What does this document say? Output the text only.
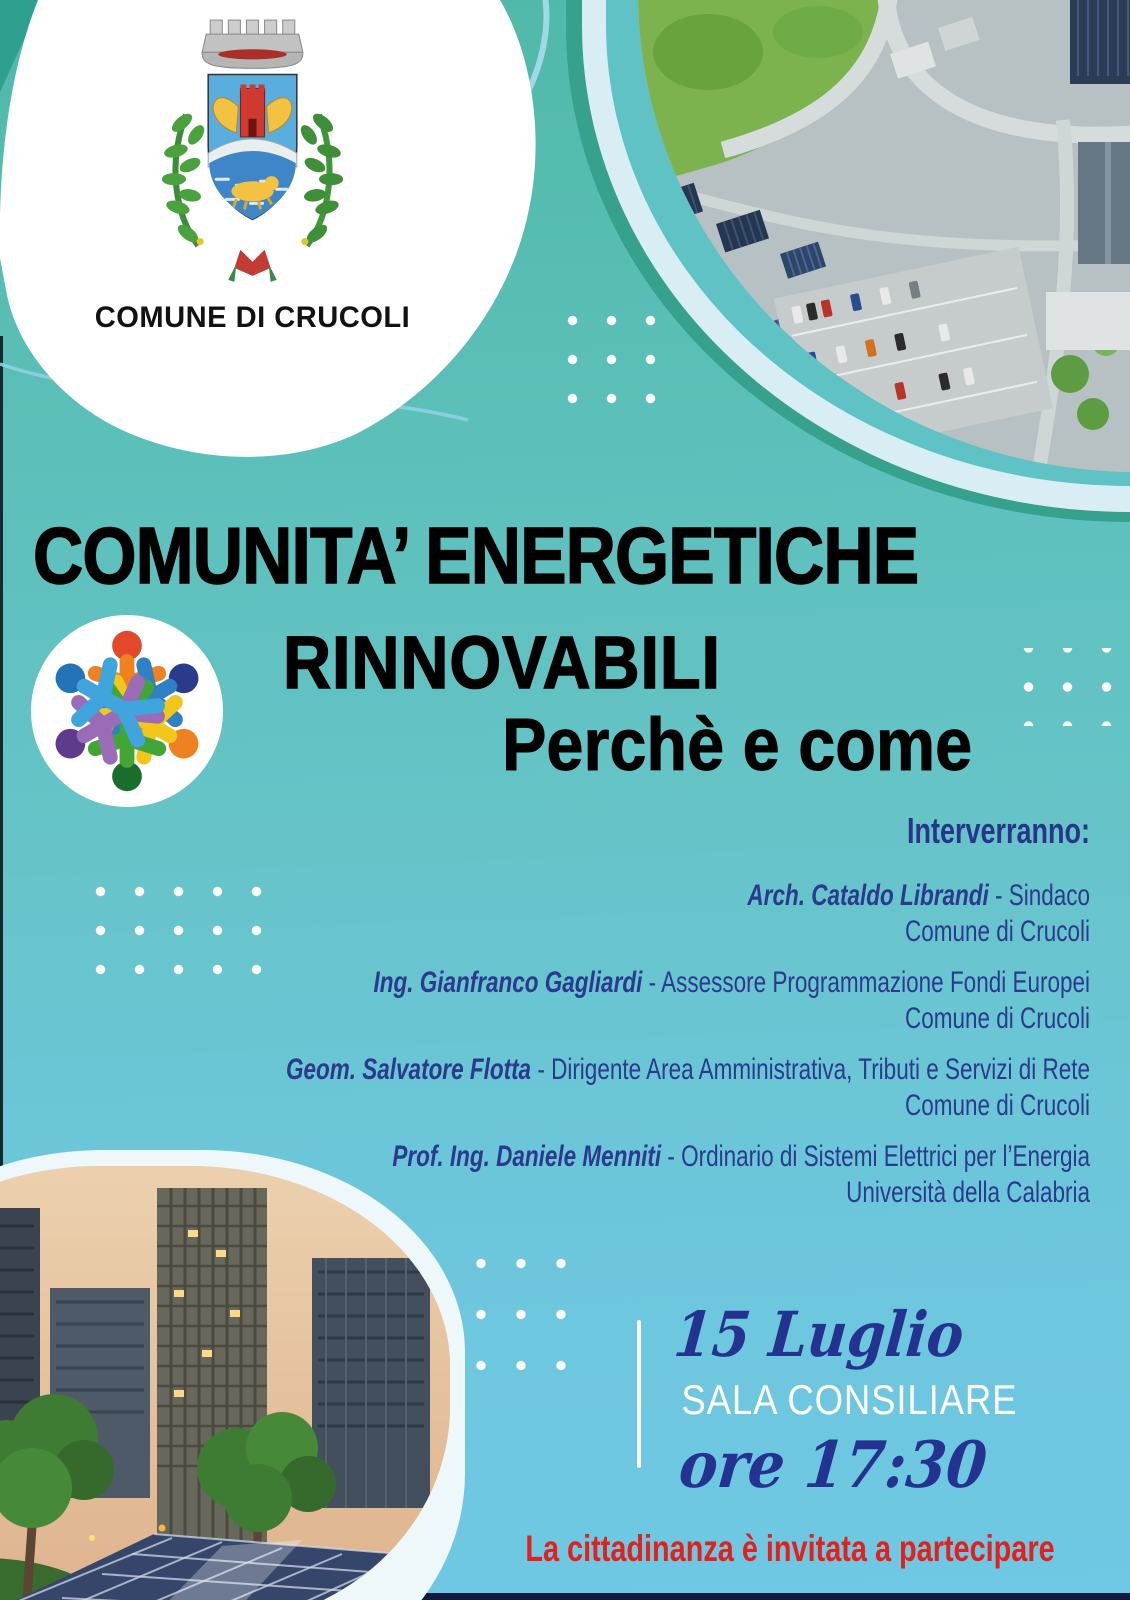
COMUNE DI CRUCOLI
COMUNITA’ ENERGETICHE
RINNOVABILI
Perchè e come
Interverranno:
Arch. Cataldo Librandi - Sindaco
Comune di Crucoli
Ing. Gianfranco Gagliardi - Assessore Programmazione Fondi Europei
Comune di Crucoli
Geom. Salvatore Flotta - Dirigente Area Amministrativa, Tributi e Servizi di Rete
Comune di Crucoli
Prof. Ing. Daniele Menniti - Ordinario di Sistemi Elettrici per l’Energia
Università della Calabria
15 Luglio
SALA CONSILIARE
ore 17:30
La cittadinanza è invitata a partecipare
